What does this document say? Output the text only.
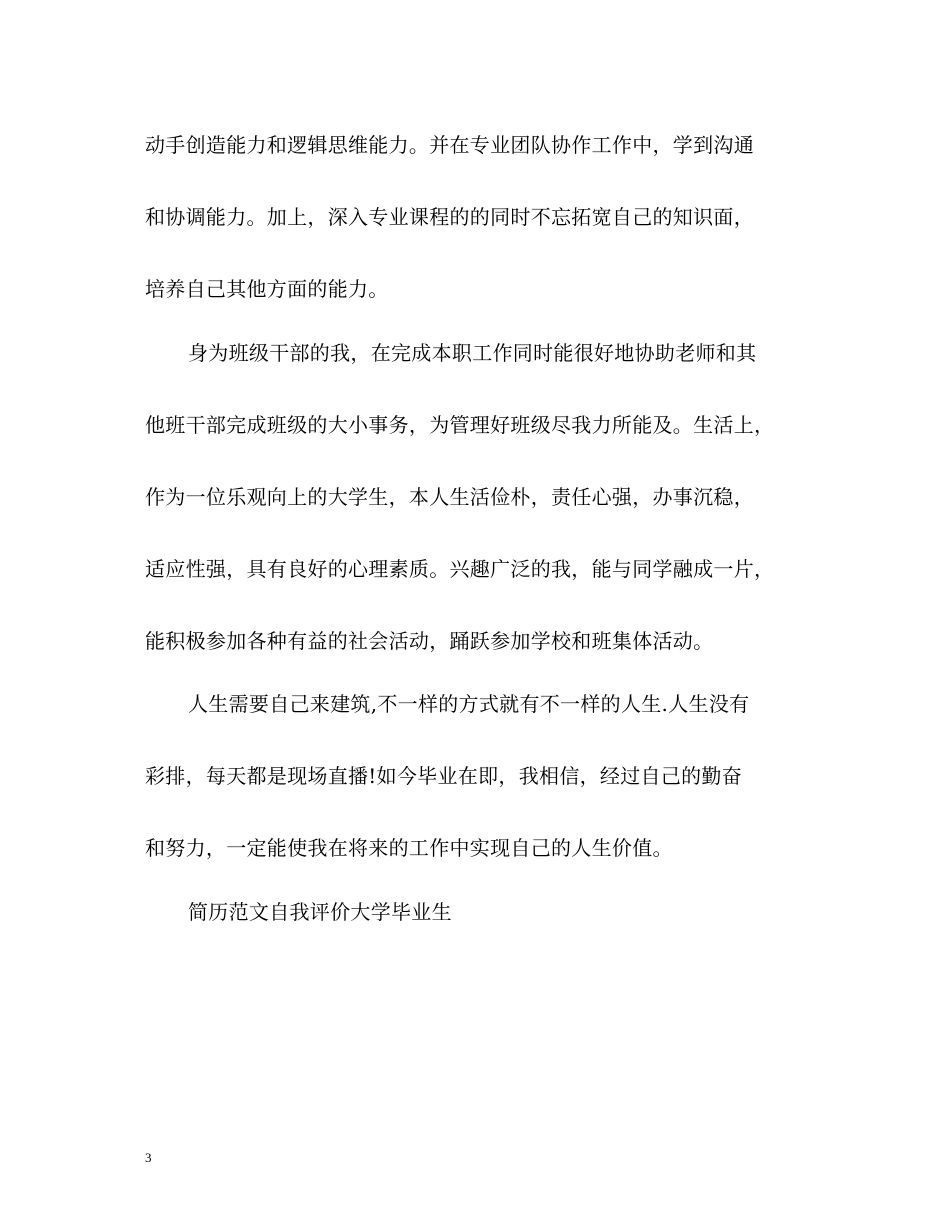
动手创造能力和逻辑思维能力。并在专业团队协作工作中，学到沟通
和协调能力。加上，深入专业课程的的同时不忘拓宽自己的知识面，
培养自己其他方面的能力。
身为班级干部的我，在完成本职工作同时能很好地协助老师和其
他班干部完成班级的大小事务，为管理好班级尽我力所能及。生活上，
作为一位乐观向上的大学生，本人生活俭朴，责任心强，办事沉稳，
适应性强，具有良好的心理素质。兴趣广泛的我，能与同学融成一片，
能积极参加各种有益的社会活动，踊跃参加学校和班集体活动。
人生需要自己来建筑,不一样的方式就有不一样的人生.人生没有
彩排，每天都是现场直播!如今毕业在即，我相信，经过自己的勤奋
和努力，一定能使我在将来的工作中实现自己的人生价值。
简历范文自我评价大学毕业生
3
